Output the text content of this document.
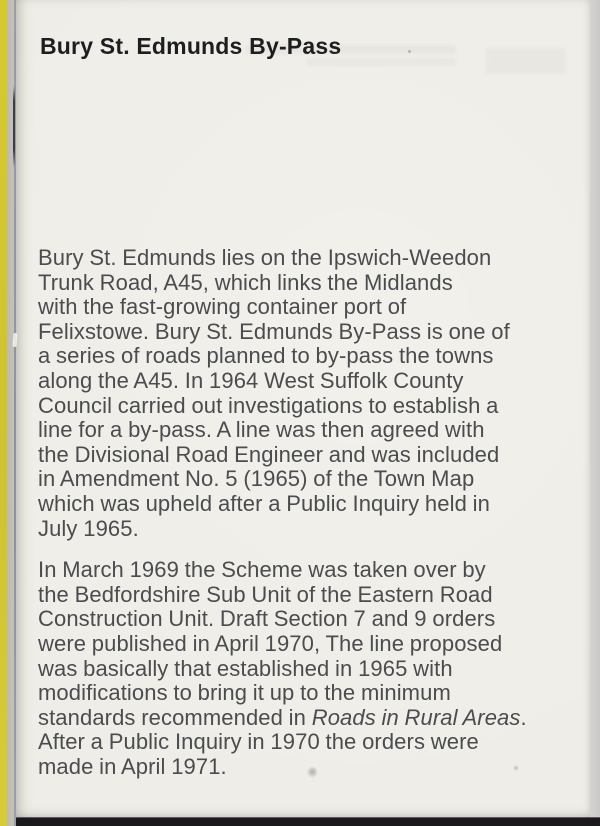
Bury St. Edmunds By-Pass
Bury St. Edmunds lies on the Ipswich-Weedon
Trunk Road, A45, which links the Midlands
with the fast-growing container port of
Felixstowe. Bury St. Edmunds By-Pass is one of
a series of roads planned to by-pass the towns
along the A45. In 1964 West Suffolk County
Council carried out investigations to establish a
line for a by-pass. A line was then agreed with
the Divisional Road Engineer and was included
in Amendment No. 5 (1965) of the Town Map
which was upheld after a Public Inquiry held in
July 1965.
In March 1969 the Scheme was taken over by
the Bedfordshire Sub Unit of the Eastern Road
Construction Unit. Draft Section 7 and 9 orders
were published in April 1970, The line proposed
was basically that established in 1965 with
modifications to bring it up to the minimum
standards recommended in Roads in Rural Areas.
After a Public Inquiry in 1970 the orders were
made in April 1971.
